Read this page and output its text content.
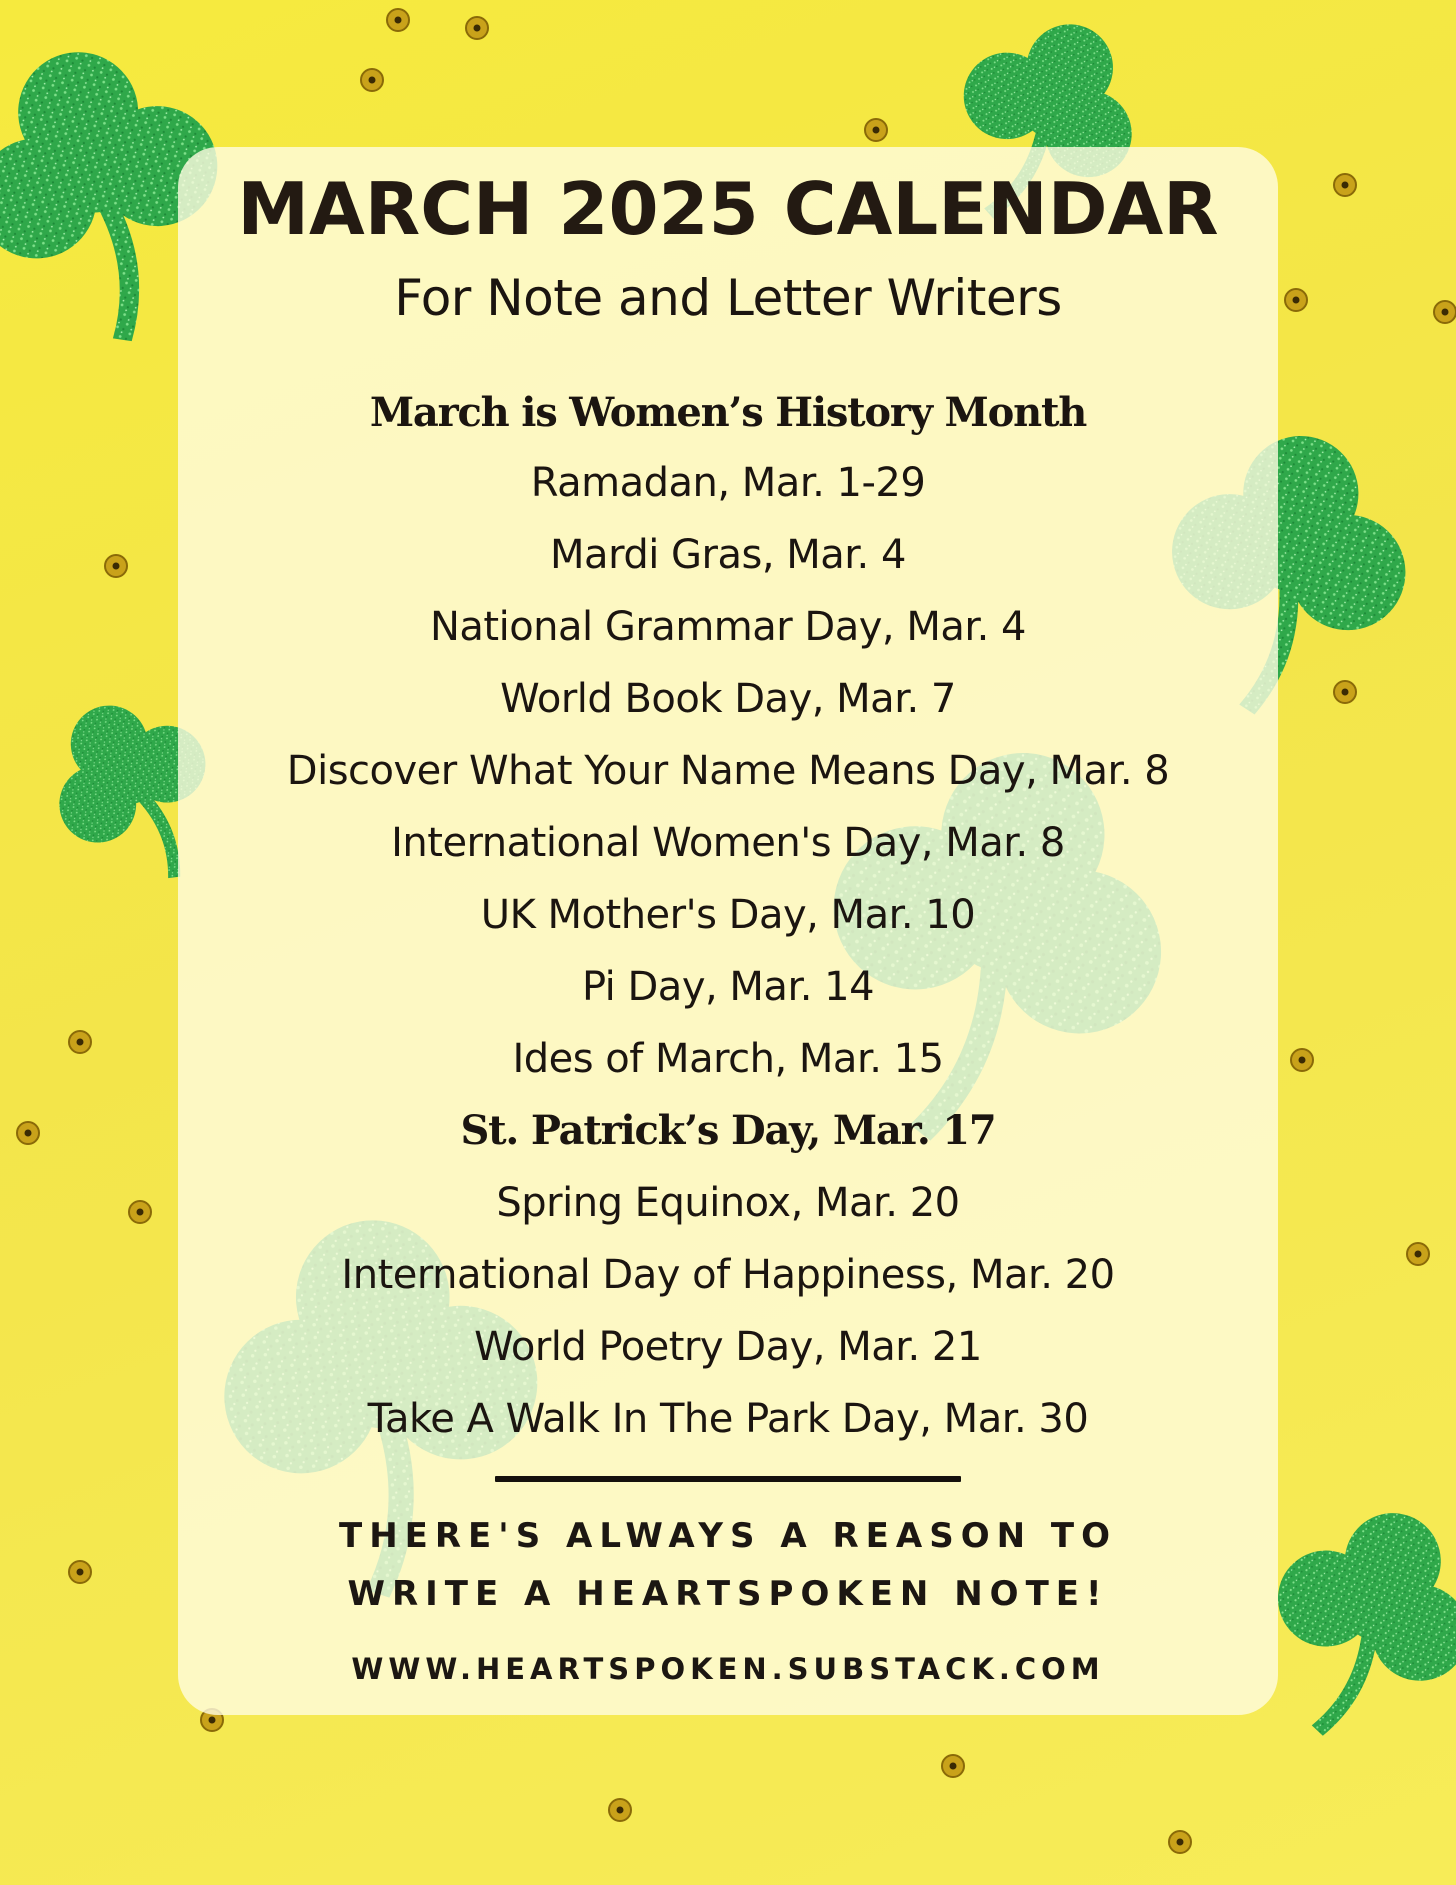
MARCH 2025 CALENDAR
For Note and Letter Writers
March is Women’s History Month
Ramadan, Mar. 1-29
Mardi Gras, Mar. 4
National Grammar Day, Mar. 4
World Book Day, Mar. 7
Discover What Your Name Means Day, Mar. 8
International Women's Day, Mar. 8
UK Mother's Day, Mar. 10
Pi Day, Mar. 14
Ides of March, Mar. 15
St. Patrick’s Day, Mar. 17
Spring Equinox, Mar. 20
International Day of Happiness, Mar. 20
World Poetry Day, Mar. 21
Take A Walk In The Park Day, Mar. 30
THERE'S ALWAYS A REASON TO
WRITE A HEARTSPOKEN NOTE!
WWW.HEARTSPOKEN.SUBSTACK.COM
